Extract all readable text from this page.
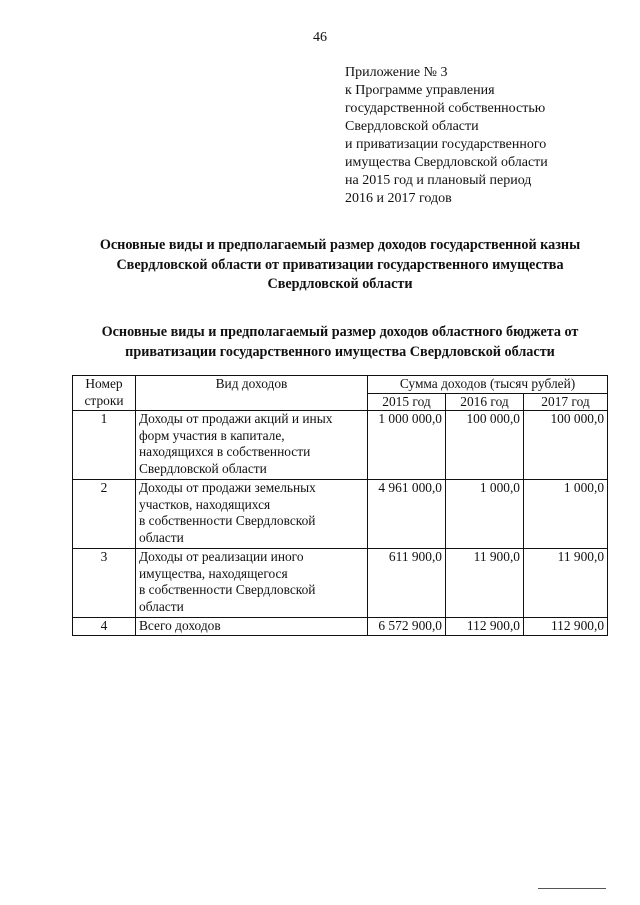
46
Приложение № 3
к Программе управления
государственной собственностью
Свердловской области
и приватизации государственного
имущества Свердловской области
на 2015 год и плановый период
2016 и 2017 годов
Основные виды и предполагаемый размер доходов государственной казны
Свердловской области от приватизации государственного имущества
Свердловской области
Основные виды и предполагаемый размер доходов областного бюджета от
приватизации государственного имущества Свердловской области
Номер
строки	Вид доходов	Сумма доходов (тысяч рублей)		
		2015 год	2016 год	2017 год
1	Доходы от продажи акций и иных
форм участия в капитале,
находящихся в собственности
Свердловской области	1 000 000,0	100 000,0	100 000,0
2	Доходы от продажи земельных
участков, находящихся
в собственности Свердловской
области	4 961 000,0	1 000,0	1 000,0
3	Доходы от реализации иного
имущества, находящегося
в собственности Свердловской
области	611 900,0	11 900,0	11 900,0
4	Всего доходов	6 572 900,0	112 900,0	112 900,0
